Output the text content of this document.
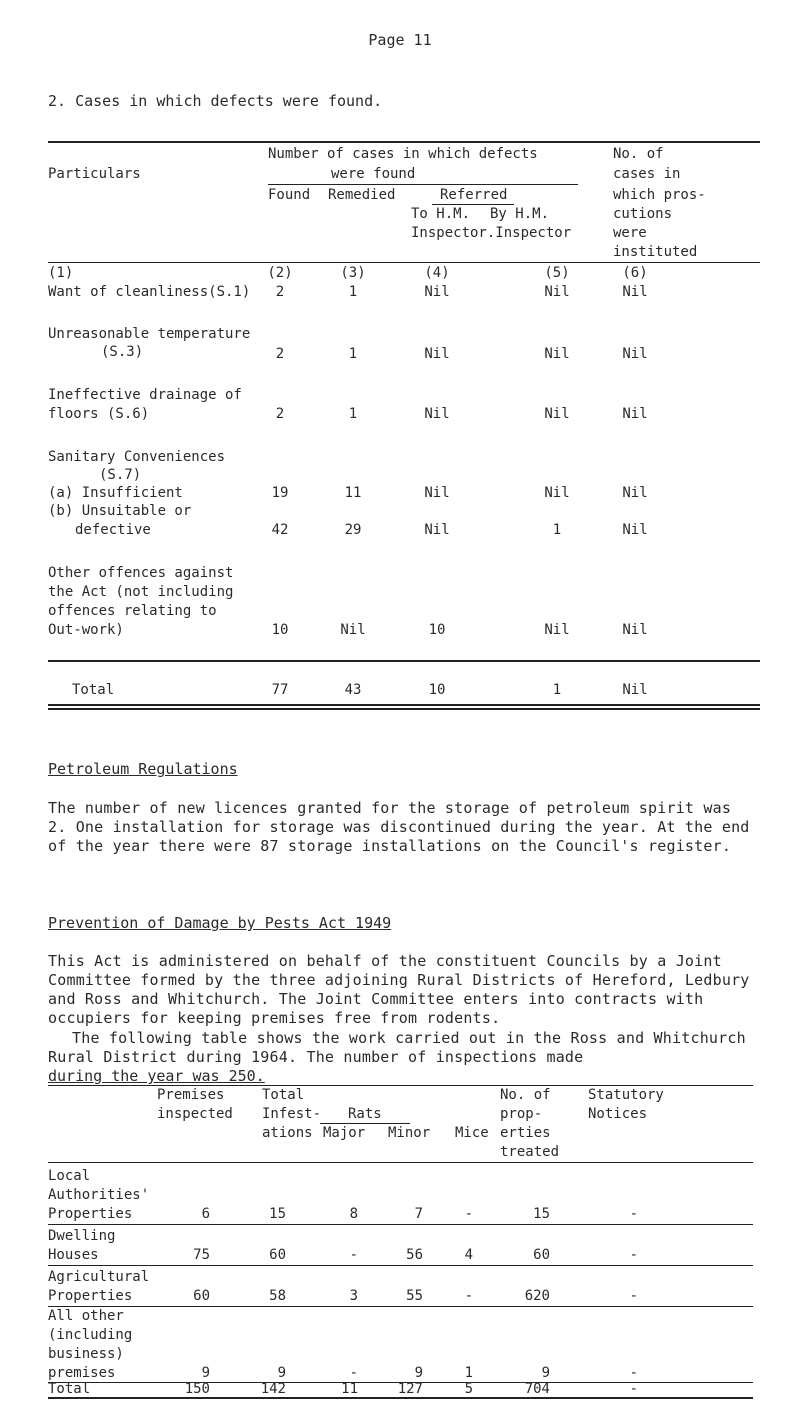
Page 11
2. Cases in which defects were found.
Particulars
Number of cases in which defects
were found
Found Remedied	Referred
To H.M. By H.M.
Inspector.Inspector
No. of
cases in
which pros-
cutions
were
instituted
(1)	(2)	(3)	(4)	(5)	(6)
Want of cleanliness(S.1)	2	1	Nil	Nil	Nil
Unreasonable temperature
(S.3)	2	1	Nil	Nil	Nil
Ineffective drainage of
floors (S.6)	2	1	Nil	Nil	Nil
Sanitary Conveniences
(S.7)
(a) Insufficient	19	11	Nil	Nil	Nil
(b) Unsuitable or
defective	42	29	Nil	1	Nil
Other offences against
the Act (not including
offences relating to
Out-work)	10	Nil	10	Nil	Nil
Total	77	43	10	1	Nil
Petroleum Regulations
The number of new licences granted for the storage of petroleum spirit was 2. One installation for storage was discontinued during the year. At the end of the year there were 87 storage installations on the Council's register.
Prevention of Damage by Pests Act 1949
This Act is administered on behalf of the constituent Councils by a Joint Committee formed by the three adjoining Rural Districts of Hereford, Ledbury and Ross and Whitchurch. The Joint Committee enters into contracts with occupiers for keeping premises free from rodents.
The following table shows the work carried out in the Ross and Whitchurch Rural District during 1964. The number of inspections made
during the year was 250.
Premises
inspected
Total
Infest-
ations
Rats
Major Minor Mice
No. of
prop-
erties
treated
Statutory
Notices
Local
Authorities'
Properties	6	15	8	7	-	15	-
Dwelling
Houses	75	60	-	56	4	60	-
Agricultural
Properties	60	58	3	55	-	620	-
All other
(including
business)
premises	9	9	-	9	1	9	-
Total	150	142	11	127	5	704	-
